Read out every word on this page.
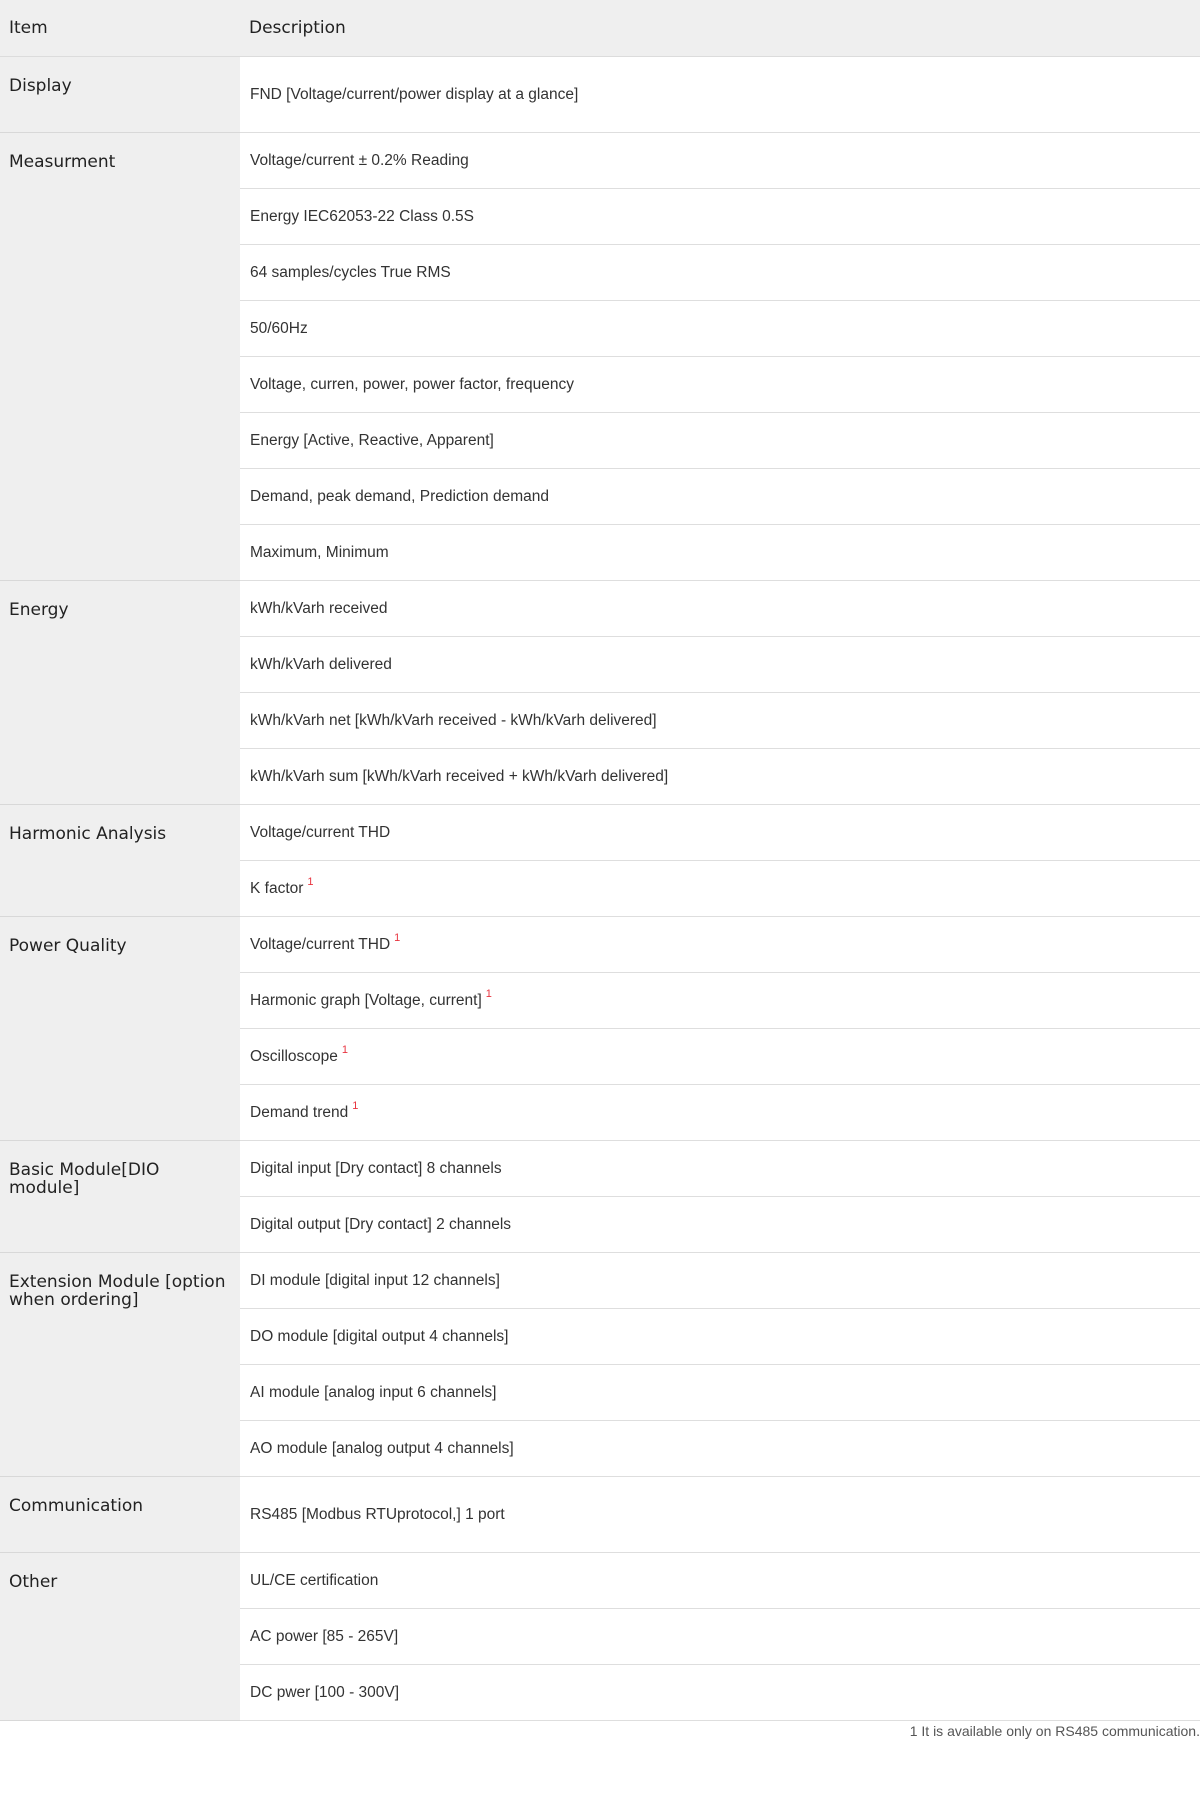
Item	Description
Display	FND [Voltage/current/power display at a glance]
Measurment	Voltage/current ± 0.2% Reading
	Energy IEC62053-22 Class 0.5S
	64 samples/cycles True RMS
	50/60Hz
	Voltage, curren, power, power factor, frequency
	Energy [Active, Reactive, Apparent]
	Demand, peak demand, Prediction demand
	Maximum, Minimum
Energy	kWh/kVarh received
	kWh/kVarh delivered
	kWh/kVarh net [kWh/kVarh received - kWh/kVarh delivered]
	kWh/kVarh sum [kWh/kVarh received + kWh/kVarh delivered]
Harmonic Analysis	Voltage/current THD
	K factor $^1$
Power Quality	Voltage/current THD $^1$
	Harmonic graph [Voltage, current] $^1$
	Oscilloscope $^1$
	Demand trend $^1$
Basic Module[DIO module]	Digital input [Dry contact] 8 channels
	Digital output [Dry contact] 2 channels
Extension Module [option when ordering]	DI module [digital input 12 channels]
	DO module [digital output 4 channels]
	AI module [analog input 6 channels]
	AO module [analog output 4 channels]
Communication	RS485 [Modbus RTUprotocol,] 1 port
Other	UL/CE certification
	AC power [85 - 265V]
	DC pwer [100 - 300V]
1 It is available only on RS485 communication.
